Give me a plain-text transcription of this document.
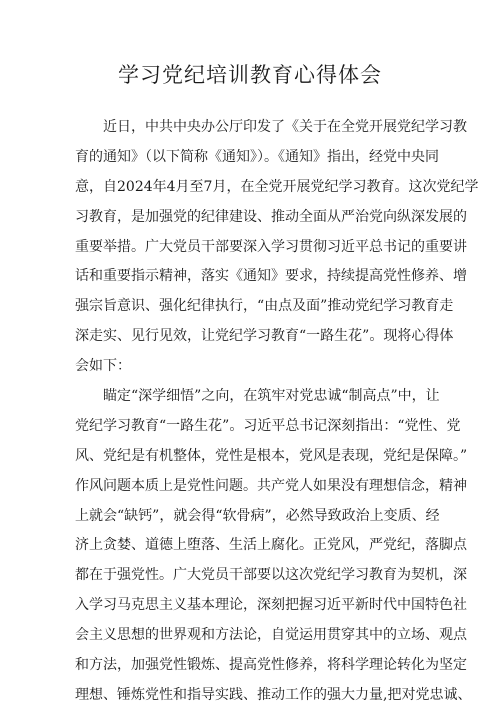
学习党纪培训教育心得体会
近日，中共中央办公厅印发了《关于在全党开展党纪学习教
育的通知》（以下简称《通知》）。《通知》指出，经党中央同
意，自2024年4月至7月，在全党开展党纪学习教育。这次党纪学
习教育，是加强党的纪律建设、推动全面从严治党向纵深发展的
重要举措。广大党员干部要深入学习贯彻习近平总书记的重要讲
话和重要指示精神，落实《通知》要求，持续提高党性修养、增
强宗旨意识、强化纪律执行，“由点及面”推动党纪学习教育走
深走实、见行见效，让党纪学习教育“一路生花”。现将心得体
会如下：
瞄定“深学细悟”之向，在筑牢对党忠诚“制高点”中，让
党纪学习教育“一路生花”。习近平总书记深刻指出：“党性、党
风、党纪是有机整体，党性是根本，党风是表现，党纪是保障。”
作风问题本质上是党性问题。共产党人如果没有理想信念，精神
上就会“缺钙”，就会得“软骨病”，必然导致政治上变质、经
济上贪婪、道德上堕落、生活上腐化。正党风，严党纪，落脚点
都在于强党性。广大党员干部要以这次党纪学习教育为契机，深
入学习马克思主义基本理论，深刻把握习近平新时代中国特色社
会主义思想的世界观和方法论，自觉运用贯穿其中的立场、观点
和方法，加强党性锻炼、提高党性修养，将科学理论转化为坚定
理想、锤炼党性和指导实践、推动工作的强大力量,把对党忠诚、
